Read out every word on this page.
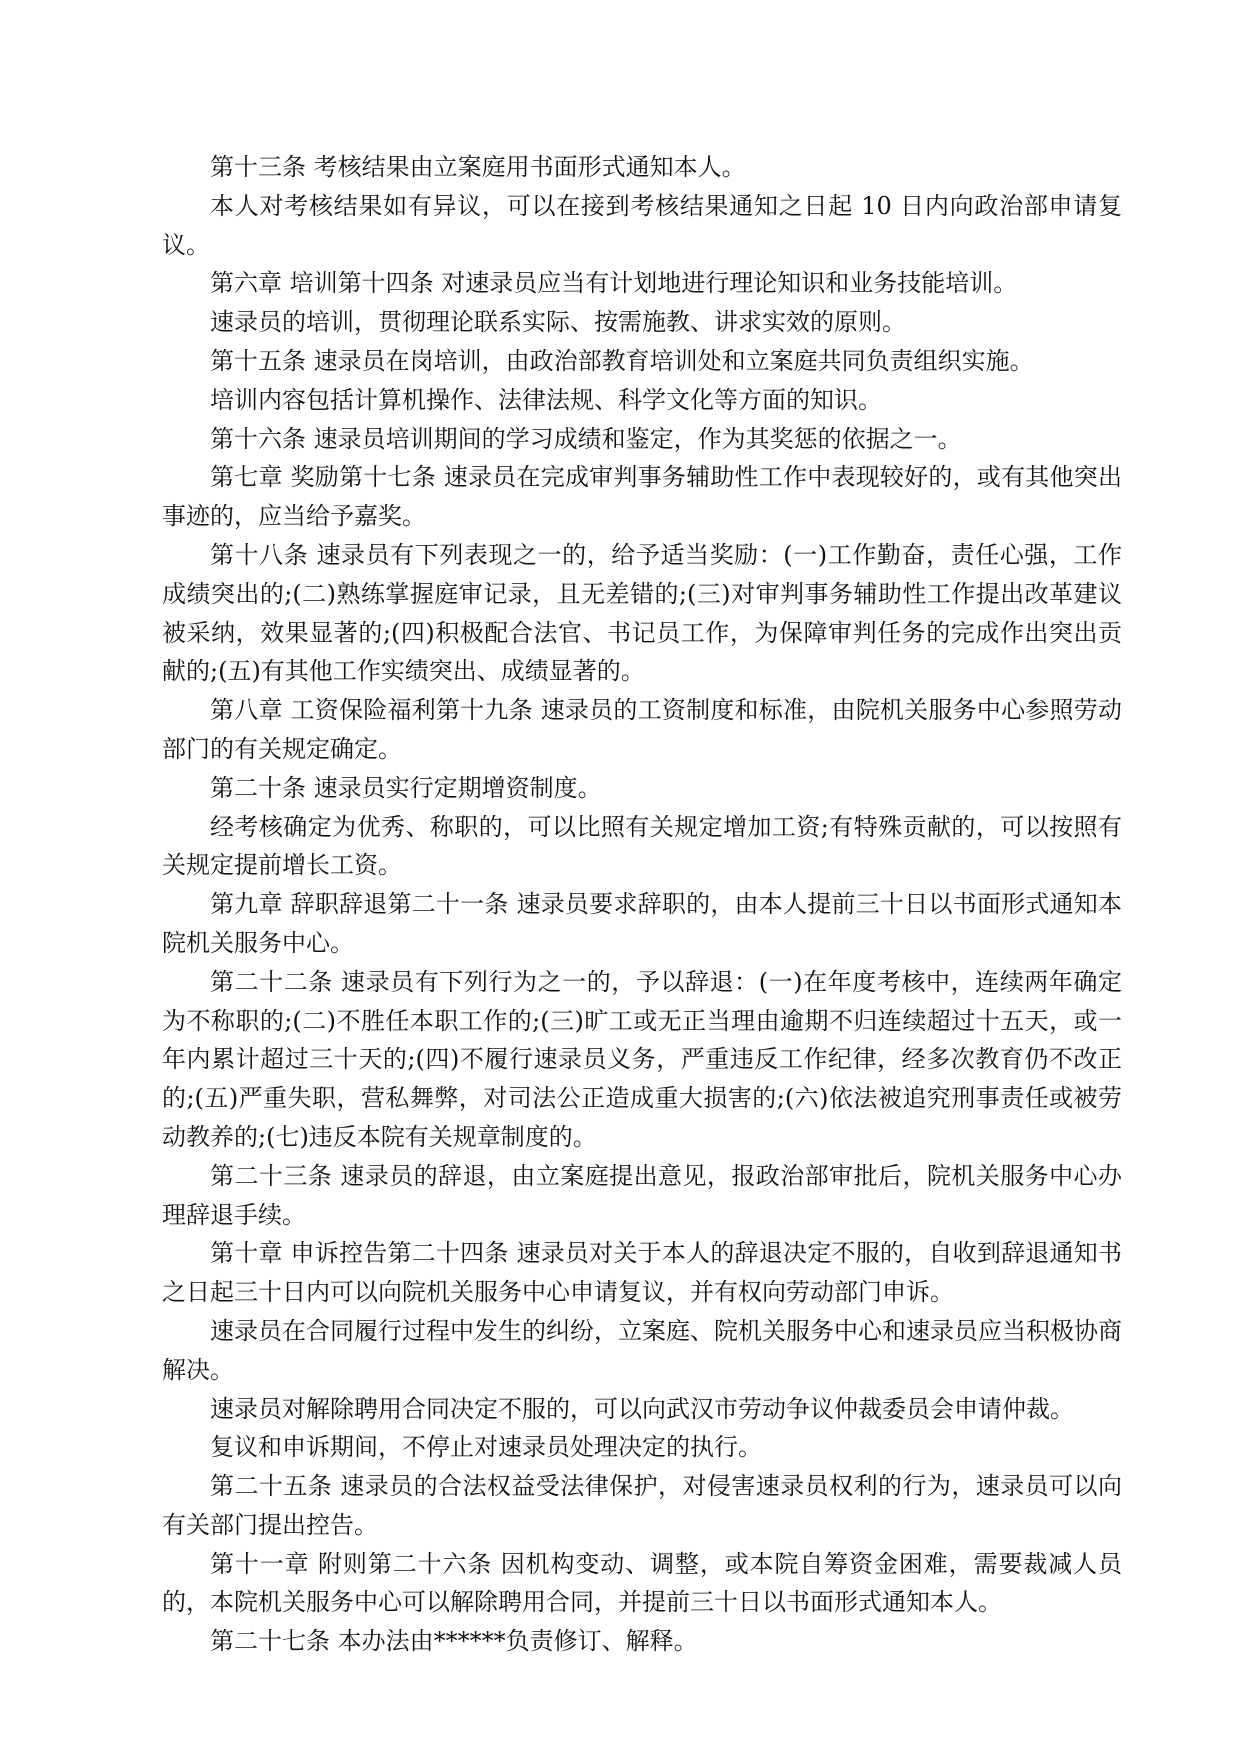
第十三条 考核结果由立案庭用书面形式通知本人。

本人对考核结果如有异议，可以在接到考核结果通知之日起 10 日内向政治部申请复议。

第六章 培训第十四条 对速录员应当有计划地进行理论知识和业务技能培训。

速录员的培训，贯彻理论联系实际、按需施教、讲求实效的原则。

第十五条 速录员在岗培训，由政治部教育培训处和立案庭共同负责组织实施。

培训内容包括计算机操作、法律法规、科学文化等方面的知识。

第十六条 速录员培训期间的学习成绩和鉴定，作为其奖惩的依据之一。

第七章 奖励第十七条 速录员在完成审判事务辅助性工作中表现较好的，或有其他突出事迹的，应当给予嘉奖。

第十八条 速录员有下列表现之一的，给予适当奖励：(一)工作勤奋，责任心强，工作成绩突出的;(二)熟练掌握庭审记录，且无差错的;(三)对审判事务辅助性工作提出改革建议被采纳，效果显著的;(四)积极配合法官、书记员工作，为保障审判任务的完成作出突出贡献的;(五)有其他工作实绩突出、成绩显著的。

第八章 工资保险福利第十九条 速录员的工资制度和标准，由院机关服务中心参照劳动部门的有关规定确定。

第二十条 速录员实行定期增资制度。

经考核确定为优秀、称职的，可以比照有关规定增加工资;有特殊贡献的，可以按照有关规定提前增长工资。

第九章 辞职辞退第二十一条 速录员要求辞职的，由本人提前三十日以书面形式通知本院机关服务中心。

第二十二条 速录员有下列行为之一的，予以辞退：(一)在年度考核中，连续两年确定为不称职的;(二)不胜任本职工作的;(三)旷工或无正当理由逾期不归连续超过十五天，或一年内累计超过三十天的;(四)不履行速录员义务，严重违反工作纪律，经多次教育仍不改正的;(五)严重失职，营私舞弊，对司法公正造成重大损害的;(六)依法被追究刑事责任或被劳动教养的;(七)违反本院有关规章制度的。

第二十三条 速录员的辞退，由立案庭提出意见，报政治部审批后，院机关服务中心办理辞退手续。

第十章 申诉控告第二十四条 速录员对关于本人的辞退决定不服的，自收到辞退通知书之日起三十日内可以向院机关服务中心申请复议，并有权向劳动部门申诉。

速录员在合同履行过程中发生的纠纷，立案庭、院机关服务中心和速录员应当积极协商解决。

速录员对解除聘用合同决定不服的，可以向武汉市劳动争议仲裁委员会申请仲裁。

复议和申诉期间，不停止对速录员处理决定的执行。

第二十五条 速录员的合法权益受法律保护，对侵害速录员权利的行为，速录员可以向有关部门提出控告。

第十一章 附则第二十六条 因机构变动、调整，或本院自筹资金困难，需要裁减人员的，本院机关服务中心可以解除聘用合同，并提前三十日以书面形式通知本人。

第二十七条 本办法由******负责修订、解释。
